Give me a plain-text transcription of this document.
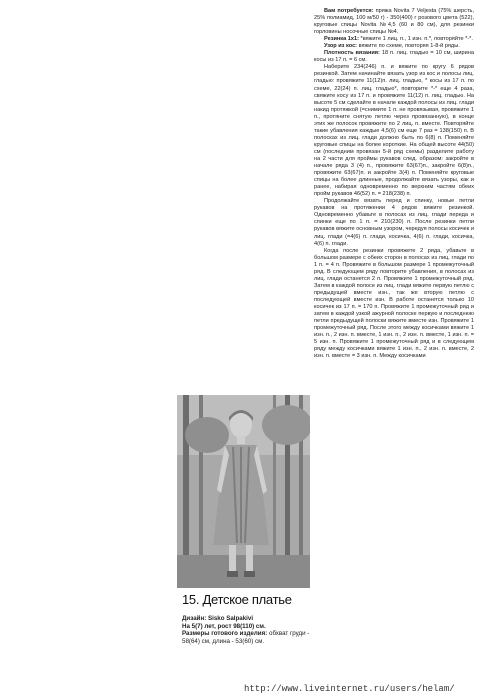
Вам потребуется: пряжа Novita 7 Veljesta (75% шерсть, 25% полиамид, 100 м/50 г) - 350(400) г розового цвета (522), круговые спицы Novita №4,5 (60 и 80 см), для резинки горловины носочные спицы №4.

Резинка 1х1: *вяжите 1 лиц. п., 1 изн. п.*, повторяйте *-*.

Узор из кос: вяжите по схеме, повторяя 1-8-й ряды.

Плотность вязания: 18 п. лиц. гладью = 10 см, ширина косы из 17 п. = 6 см.

Наберите 234(246) п. и вяжите по кругу 6 рядов резинкой. Затем начинайте вязать узор из кос и полосы лиц. гладью: провяжите 11(12)п. лиц. гладью, * косы из 17 п. по схеме, 22(24) п. лиц. гладью*, повторите *-* еще 4 раза, свяжите косу из 17 п. и провяжите 11(12) п. лиц. гладью. На высоте 5 см сделайте в начале каждой полосы из лиц. глади накид протяжкой (=снимите 1 п. не провязывая, провяжите 1 п., протяните снятую петлю через провязанную), в конце этих же полосок провяжите по 2 лиц. п. вместе. Повторяйте такие убавления каждые 4,5(6) см еще 7 раз = 138(150) п. В полосках из лиц. глади должно быть по 6(8) п. Поменяйте круговые спицы на более короткие. На общей высоте 44(50) см (последним провязан 5-й ряд схемы) разделите работу на 2 части для проймы рукавов след. образом: закройте в начале ряда 3 (4) п., провяжите 63(67)п., закройте 6(8)п., провяжите 63(67)п. и закройте 3(4) п. Поменяйте круговые спицы на более длинные, продолжайте вязать узоры, как и ранее, набирая одновременно по верхним частям обеих пройм рукавов 46(52) п. = 218(238) п.

Продолжайте вязать перед и спинку, новые петли рукавов на протяжении 4 рядов вяжите резинкой. Одновременно убавьте в полосах из лиц. глади переда и спинки еще по 1 п. = 210(230) п. После резинки петли рукавов вяжите основным узором, чередуя полосы косичек и лиц. глади (=4(6) п. глади, косичка, 4(6) п. глади, косичка, 4(6) п. глади.

Когда после резинки провяжете 2 ряда, убавьте в большом размере с обеих сторон в полосах из лиц. глади по 1 п. = 4 п. Провяжите в большом размере 1 промежуточный ряд. В следующем ряду повторите убавления, в полосах из лиц. глади останется 2 п. Провяжите 1 промежуточный ряд. Затем в каждой полосе из лиц. глади вяжите первую петлю с предыдущей вместе изн., так же вторую петлю с последующей вместе изн. В работе останется только 10 косичек из 17 п. = 170 п. Провяжите 1 промежуточный ряд и затем в каждой узкой ажурной полоске первую и последнюю петли предыдущей полоски вяжите вместе изн. Провяжите 1 промежуточный ряд. После этого между косичками вяжите 1 изн. п., 2 изн. п. вместе, 1 изн. п., 2 изн. п. вместе, 1 изн. п. = 5 изн. п. Провяжите 1 промежуточный ряд и в следующем ряду между косичками вяжите 1 изн. п., 2 изн. п. вместе, 2 изн. п. вместе = 3 изн. п. Между косичками

15. Детское платье
Дизайн: Sisko Salpakivi
На 5(7) лет, рост 98(110) см.
Размеры готового изделия: обхват груди - 58(64) см, длина - 53(60) см.
http://www.liveinternet.ru/users/helam/
